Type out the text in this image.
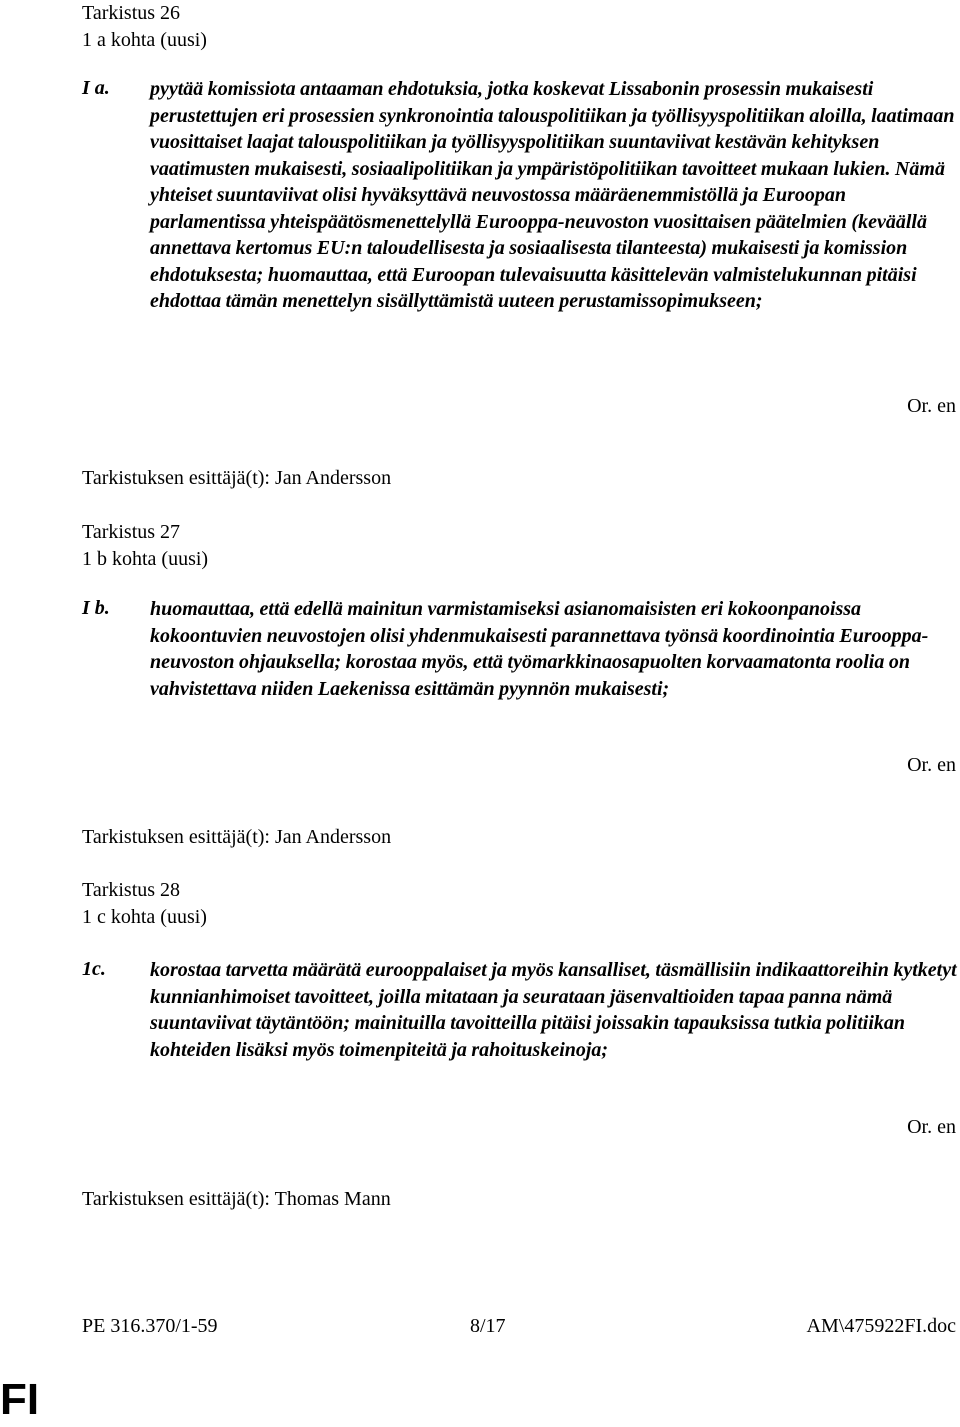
Tarkistus 26
1 a kohta (uusi)
I a. pyytää komissiota antaaman ehdotuksia, jotka koskevat Lissabonin prosessin mukaisesti perustettujen eri prosessien synkronointia talouspolitiikan ja työllisyyspolitiikan aloilla, laatimaan vuosittaiset laajat talouspolitiikan ja työllisyyspolitiikan suuntaviivat kestävän kehityksen vaatimusten mukaisesti, sosiaalipolitiikan ja ympäristöpolitiikan tavoitteet mukaan lukien. Nämä yhteiset suuntaviivat olisi hyväksyttävä neuvostossa määräenemmistöllä ja Euroopan parlamentissa yhteispäätösmenettelyllä Eurooppa-neuvoston vuosittaisen päätelmien (keväällä annettava kertomus EU:n taloudellisesta ja sosiaalisesta tilanteesta) mukaisesti ja komission ehdotuksesta; huomauttaa, että Euroopan tulevaisuutta käsittelevän valmistelukunnan pitäisi ehdottaa tämän menettelyn sisällyttämistä uuteen perustamissopimukseen;
Or. en
Tarkistuksen esittäjä(t): Jan Andersson
Tarkistus 27
1 b kohta (uusi)
I b. huomauttaa, että edellä mainitun varmistamiseksi asianomaisisten eri kokoonpanoissa kokoontuvien neuvostojen olisi yhdenmukaisesti parannettava työnsä koordinointia Eurooppa-neuvoston ohjauksella; korostaa myös, että työmarkkinaosapuolten korvaamatonta roolia on vahvistettava niiden Laekenissa esittämän pyynnön mukaisesti;
Or. en
Tarkistuksen esittäjä(t): Jan Andersson
Tarkistus 28
1 c kohta (uusi)
1c. korostaa tarvetta määrätä eurooppalaiset ja myös kansalliset, täsmällisiin indikaattoreihin kytketyt kunnianhimoiset tavoitteet, joilla mitataan ja seurataan jäsenvaltioiden tapaa panna nämä suuntaviivat täytäntöön; mainituilla tavoitteilla pitäisi joissakin tapauksissa tutkia politiikan kohteiden lisäksi myös toimenpiteitä ja rahoituskeinoja;
Or. en
Tarkistuksen esittäjä(t): Thomas Mann
PE 316.370/1-59	8/17	AM\475922FI.doc
FI
